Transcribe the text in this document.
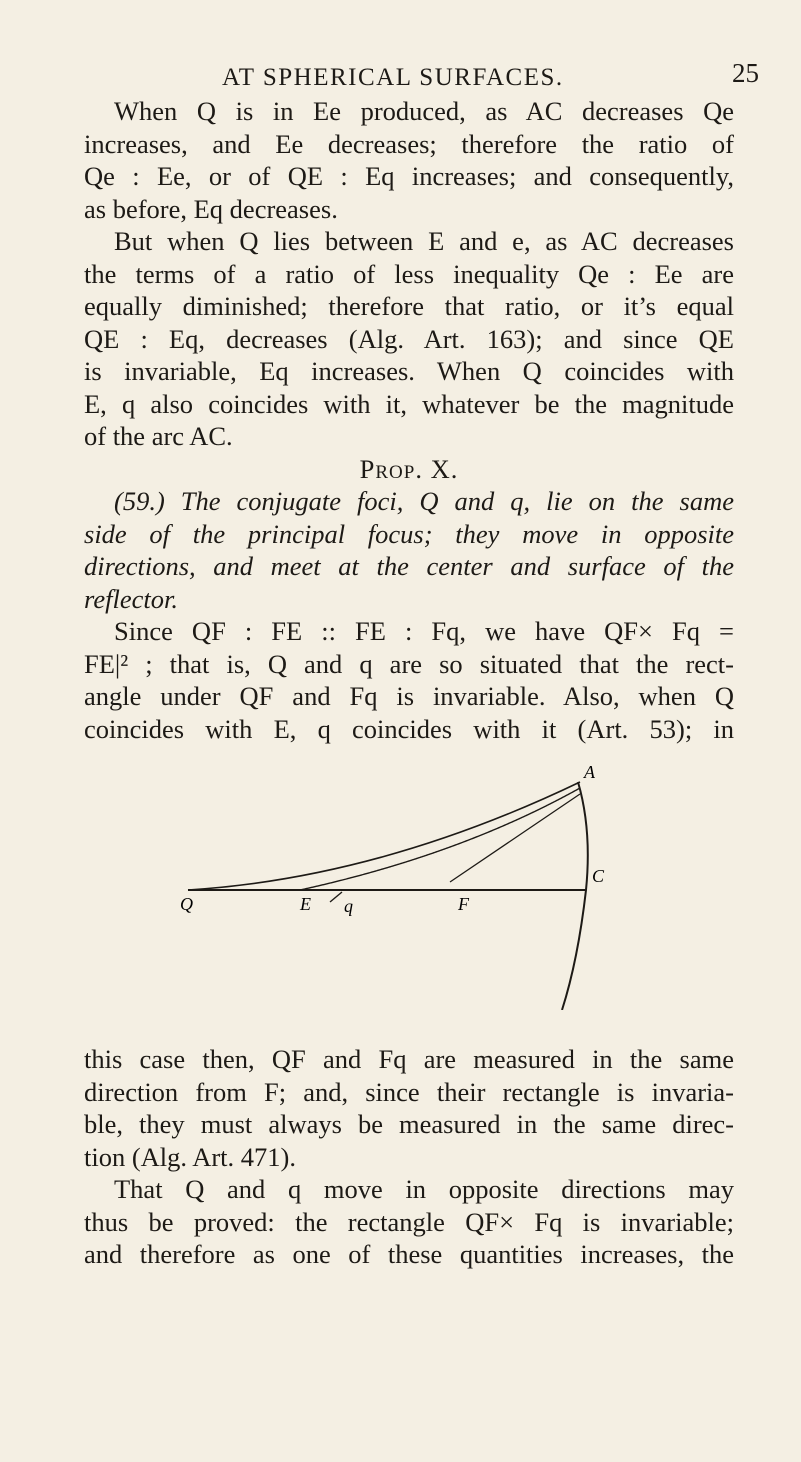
AT SPHERICAL SURFACES.	25
When Q is in Ee produced, as AC decreases Qe
increases, and Ee decreases; therefore the ratio of
Qe : Ee, or of QE : Eq increases; and consequently,
as before, Eq decreases.
But when Q lies between E and e, as AC decreases
the terms of a ratio of less inequality Qe : Ee are
equally diminished; therefore that ratio, or it’s equal
QE : Eq, decreases (Alg. Art. 163); and since QE
is invariable, Eq increases. When Q coincides with
E, q also coincides with it, whatever be the magnitude
of the arc AC.
Prop. X.
(59.) The conjugate foci, Q and q, lie on the same
side of the principal focus; they move in opposite
directions, and meet at the center and surface of the
reflector.
Since QF : FE :: FE : Fq, we have QF× Fq =
FE|² ; that is, Q and q are so situated that the rect-
angle under QF and Fq is invariable. Also, when Q
coincides with E, q coincides with it (Art. 53); in
A
C
Q	E q	F
this case then, QF and Fq are measured in the same
direction from F; and, since their rectangle is invaria-
ble, they must always be measured in the same direc-
tion (Alg. Art. 471).
That Q and q move in opposite directions may
thus be proved: the rectangle QF× Fq is invariable;
and therefore as one of these quantities increases, the
